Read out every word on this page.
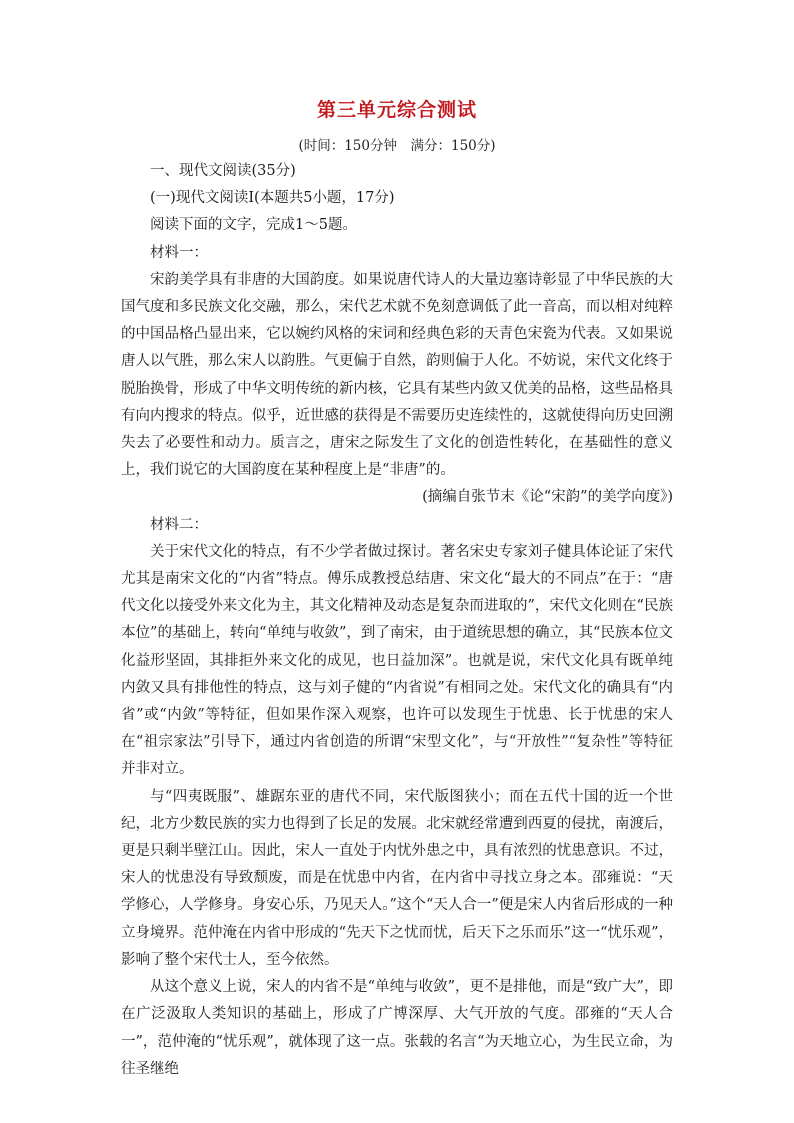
第三单元综合测试
(时间：150分钟　满分：150分)

一、现代文阅读(35分)

(一)现代文阅读Ⅰ(本题共5小题，17分)

阅读下面的文字，完成1～5题。

材料一：

宋韵美学具有非唐的大国韵度。如果说唐代诗人的大量边塞诗彰显了中华民族的大国气度和多民族文化交融，那么，宋代艺术就不免刻意调低了此一音高，而以相对纯粹的中国品格凸显出来，它以婉约风格的宋词和经典色彩的天青色宋瓷为代表。又如果说唐人以气胜，那么宋人以韵胜。气更偏于自然，韵则偏于人化。不妨说，宋代文化终于脱胎换骨，形成了中华文明传统的新内核，它具有某些内敛又优美的品格，这些品格具有向内搜求的特点。似乎，近世感的获得是不需要历史连续性的，这就使得向历史回溯失去了必要性和动力。质言之，唐宋之际发生了文化的创造性转化，在基础性的意义上，我们说它的大国韵度在某种程度上是“非唐”的。

(摘编自张节末《论“宋韵”的美学向度》)

材料二：

关于宋代文化的特点，有不少学者做过探讨。著名宋史专家刘子健具体论证了宋代尤其是南宋文化的“内省”特点。傅乐成教授总结唐、宋文化“最大的不同点”在于：“唐代文化以接受外来文化为主，其文化精神及动态是复杂而进取的”，宋代文化则在“民族本位”的基础上，转向“单纯与收敛”，到了南宋，由于道统思想的确立，其“民族本位文化益形坚固，其排拒外来文化的成见，也日益加深”。也就是说，宋代文化具有既单纯内敛又具有排他性的特点，这与刘子健的“内省说”有相同之处。宋代文化的确具有“内省”或“内敛”等特征，但如果作深入观察，也许可以发现生于忧患、长于忧患的宋人在“祖宗家法”引导下，通过内省创造的所谓“宋型文化”，与“开放性”“复杂性”等特征并非对立。

与“四夷既服”、雄踞东亚的唐代不同，宋代版图狭小；而在五代十国的近一个世纪，北方少数民族的实力也得到了长足的发展。北宋就经常遭到西夏的侵扰，南渡后，更是只剩半壁江山。因此，宋人一直处于内忧外患之中，具有浓烈的忧患意识。不过，宋人的忧患没有导致颓废，而是在忧患中内省，在内省中寻找立身之本。邵雍说：“天学修心，人学修身。身安心乐，乃见天人。”这个“天人合一”便是宋人内省后形成的一种立身境界。范仲淹在内省中形成的“先天下之忧而忧，后天下之乐而乐”这一“忧乐观”，影响了整个宋代士人，至今依然。

从这个意义上说，宋人的内省不是“单纯与收敛”，更不是排他，而是“致广大”，即在广泛汲取人类知识的基础上，形成了广博深厚、大气开放的气度。邵雍的“天人合一”，范仲淹的“忧乐观”，就体现了这一点。张载的名言“为天地立心，为生民立命，为往圣继绝
